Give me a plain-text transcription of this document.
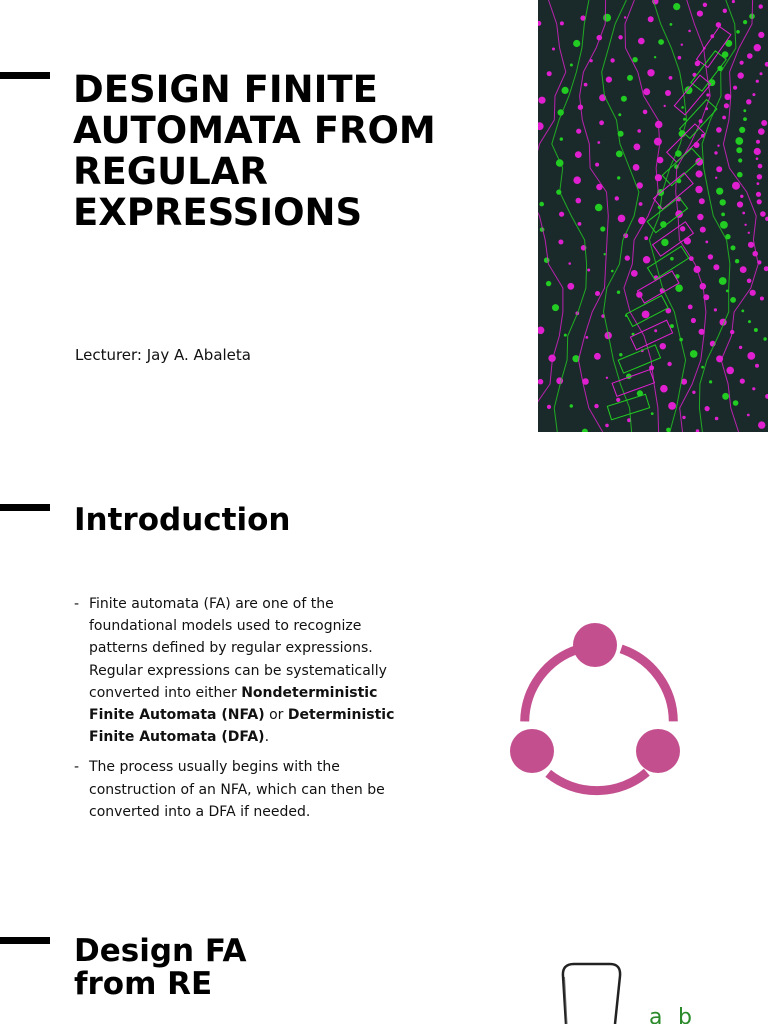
DESIGN FINITE
AUTOMATA FROM
REGULAR
EXPRESSIONS
Lecturer: Jay A. Abaleta
Introduction
- Finite automata (FA) are one of the foundational models used to recognize patterns defined by regular expressions. Regular expressions can be systematically converted into either Nondeterministic Finite Automata (NFA) or Deterministic Finite Automata (DFA).
- The process usually begins with the construction of an NFA, which can then be converted into a DFA if needed.
Design FA
from RE
a b
